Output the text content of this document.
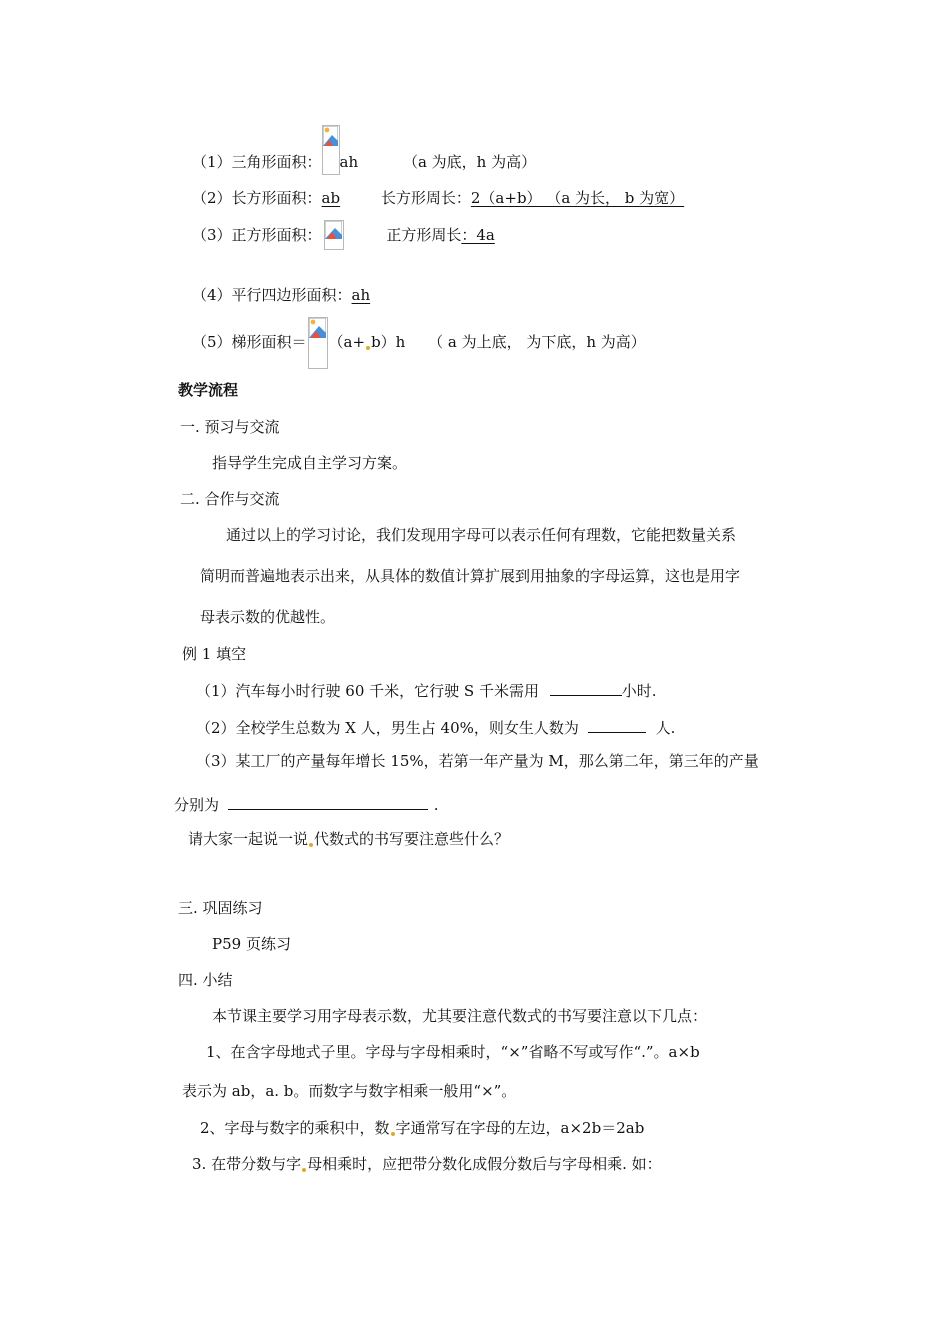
（1）三角形面积： ah	（a 为底，h 为高）
（2）长方形面积：ab	长方形周长：2（a+b） （a 为长， b 为宽）
（3）正方形面积：	正方形周长：4a
（4）平行四边形面积：ah
（5）梯形面积＝ （a+ b）h （ a 为上底， 为下底，h 为高）
教学流程
一. 预习与交流
指导学生完成自主学习方案。
二. 合作与交流
通过以上的学习讨论，我们发现用字母可以表示任何有理数，它能把数量关系
简明而普遍地表示出来，从具体的数值计算扩展到用抽象的字母运算，这也是用字
母表示数的优越性。
例 1 填空
（1）汽车每小时行驶 60 千米，它行驶 S 千米需用	小时.
（2）全校学生总数为 X 人，男生占 40%，则女生人数为	人.
（3）某工厂的产量每年增长 15%，若第一年产量为 M，那么第二年，第三年的产量
分别为	.
请大家一起说一说 代数式的书写要注意些什么？
三. 巩固练习
P59 页练习
四. 小结
本节课主要学习用字母表示数，尤其要注意代数式的书写要注意以下几点：
1、在含字母地式子里。字母与字母相乘时，“×”省略不写或写作“.”。a×b
表示为 ab，a. b。而数字与数字相乘一般用“×”。
2、字母与数字的乘积中，数 字通常写在字母的左边，a×2b＝2ab
3. 在带分数与字 母相乘时，应把带分数化成假分数后与字母相乘. 如：
